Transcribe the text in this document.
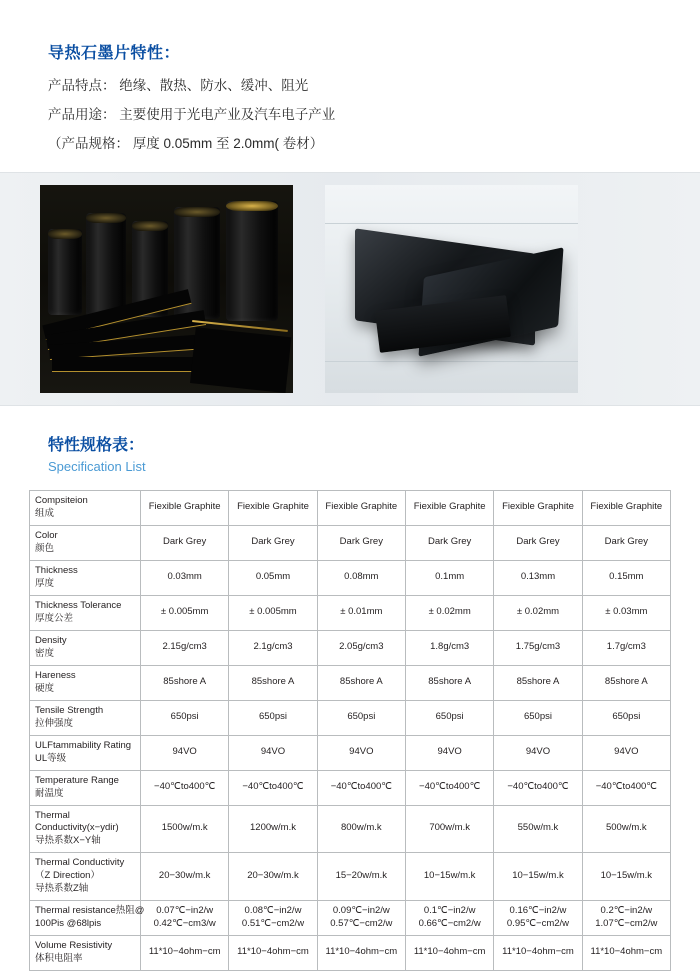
导热石墨片特性：
产品特点： 绝缘、散热、防水、缓冲、阻光
产品用途： 主要使用于光电产业及汽车电子产业
（产品规格： 厚度 0.05mm 至 2.0mm( 卷材）
特性规格表：
Specification List
Compsiteion
组成	Fiexible Graphite	Fiexible Graphite	Fiexible Graphite	Fiexible Graphite	Fiexible Graphite	Fiexible Graphite

Color
颜色	Dark Grey	Dark Grey	Dark Grey	Dark Grey	Dark Grey	Dark Grey

Thickness
厚度	0.03mm	0.05mm	0.08mm	0.1mm	0.13mm	0.15mm

Thickness Tolerance
厚度公差	± 0.005mm	± 0.005mm	± 0.01mm	± 0.02mm	± 0.02mm	± 0.03mm

Density
密度	2.15g/cm3	2.1g/cm3	2.05g/cm3	1.8g/cm3	1.75g/cm3	1.7g/cm3

Hareness
硬度	85shore A	85shore A	85shore A	85shore A	85shore A	85shore A

Tensile Strength
拉伸强度	650psi	650psi	650psi	650psi	650psi	650psi

ULFtammability Rating
UL等级	94VO	94VO	94VO	94VO	94VO	94VO

Temperature Range
耐温度	−40℃to400℃	−40℃to400℃	−40℃to400℃	−40℃to400℃	−40℃to400℃	−40℃to400℃

Thermal
Conductivity(x−ydir)
导热系数X−Y轴	1500w/m.k	1200w/m.k	800w/m.k	700w/m.k	550w/m.k	500w/m.k

Thermal Conductivity
（Z Direction）
导热系数Z轴	20−30w/m.k	20−30w/m.k	15−20w/m.k	10−15w/m.k	10−15w/m.k	10−15w/m.k

Thermal resistance热阻@
100Pis @68lpis	0.07℃−in2/w 0.42℃−cm3/w	0.08℃−in2/w 0.51℃−cm2/w	0.09℃−in2/w 0.57℃−cm2/w	0.1℃−in2/w 0.66℃−cm2/w	0.16℃−in2/w 0.95℃−cm2/w	0.2℃−in2/w 1.07℃−cm2/w

Volume Resistivity
体积电阻率	11*10−4ohm−cm	11*10−4ohm−cm	11*10−4ohm−cm	11*10−4ohm−cm	11*10−4ohm−cm	11*10−4ohm−cm
